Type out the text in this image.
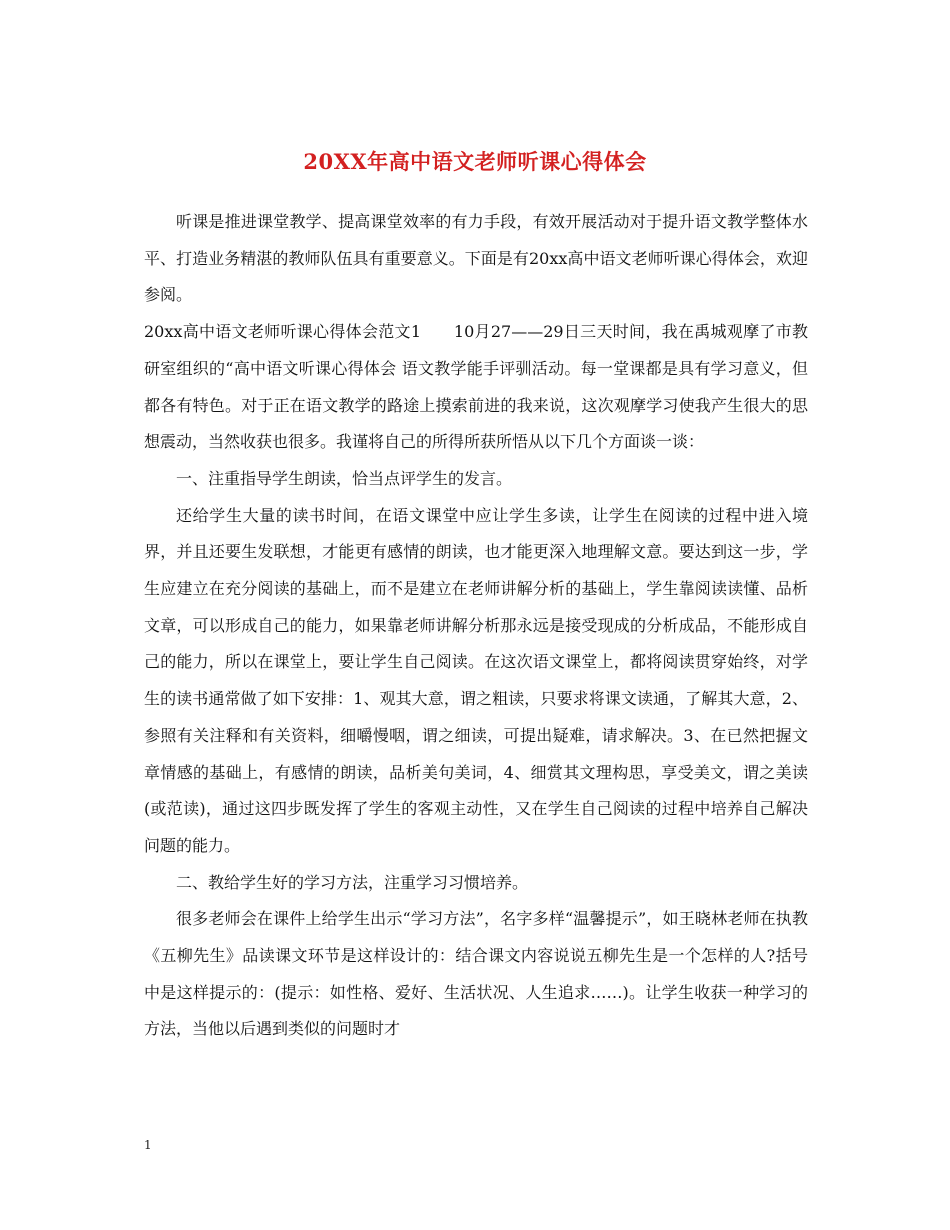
20XX年高中语文老师听课心得体会

听课是推进课堂教学、提高课堂效率的有力手段，有效开展活动对于提升语文教学整体水平、打造业务精湛的教师队伍具有重要意义。下面是有20xx高中语文老师听课心得体会，欢迎参阅。

20xx高中语文老师听课心得体会范文1　　10月27——29日三天时间，我在禹城观摩了市教研室组织的“高中语文听课心得体会 语文教学能手评驯活动。每一堂课都是具有学习意义，但都各有特色。对于正在语文教学的路途上摸索前进的我来说，这次观摩学习使我产生很大的思想震动，当然收获也很多。我谨将自己的所得所获所悟从以下几个方面谈一谈：

一、注重指导学生朗读，恰当点评学生的发言。

还给学生大量的读书时间，在语文课堂中应让学生多读，让学生在阅读的过程中进入境界，并且还要生发联想，才能更有感情的朗读，也才能更深入地理解文意。要达到这一步，学生应建立在充分阅读的基础上，而不是建立在老师讲解分析的基础上，学生靠阅读读懂、品析文章，可以形成自己的能力，如果靠老师讲解分析那永远是接受现成的分析成品，不能形成自己的能力，所以在课堂上，要让学生自己阅读。在这次语文课堂上，都将阅读贯穿始终，对学生的读书通常做了如下安排：1、观其大意，谓之粗读，只要求将课文读通，了解其大意，2、参照有关注释和有关资料，细嚼慢咽，谓之细读，可提出疑难，请求解决。3、在已然把握文章情感的基础上，有感情的朗读，品析美句美词，4、细赏其文理构思，享受美文，谓之美读(或范读)，通过这四步既发挥了学生的客观主动性，又在学生自己阅读的过程中培养自己解决问题的能力。

二、教给学生好的学习方法，注重学习习惯培养。

很多老师会在课件上给学生出示“学习方法”，名字多样“温馨提示”，如王晓林老师在执教《五柳先生》品读课文环节是这样设计的：结合课文内容说说五柳先生是一个怎样的人?括号中是这样提示的：(提示：如性格、爱好、生活状况、人生追求……)。让学生收获一种学习的方法，当他以后遇到类似的问题时才

1
